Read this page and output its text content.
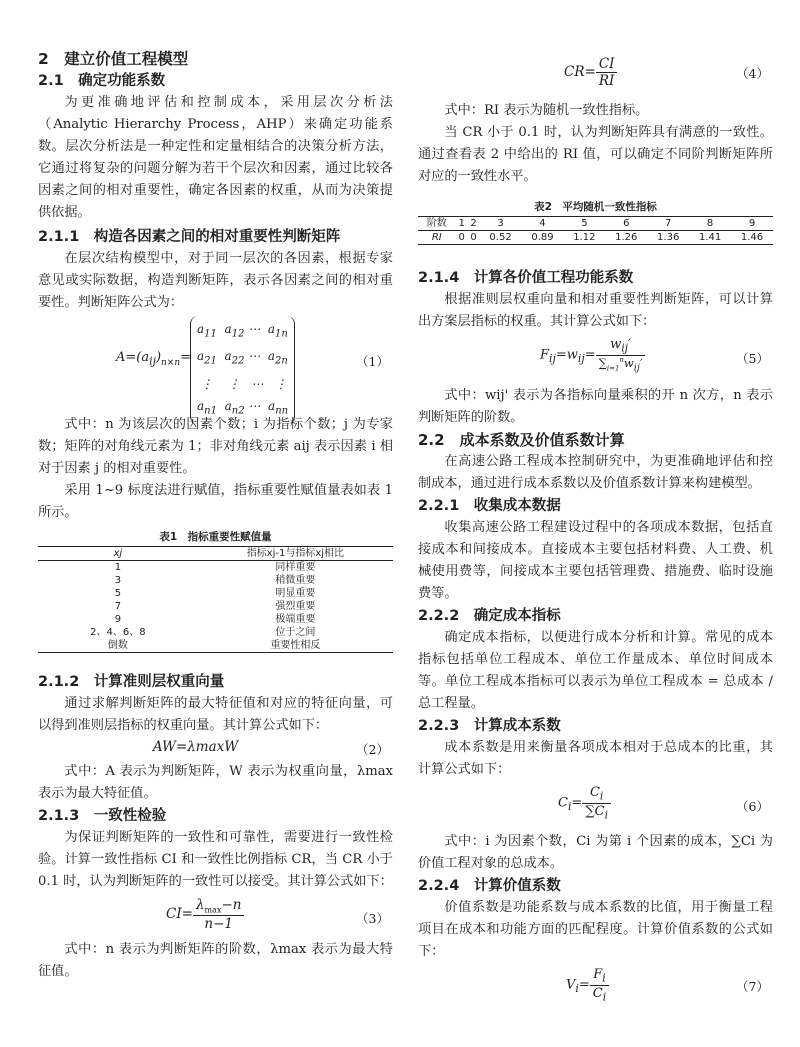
2　建立价值工程模型
2.1　确定功能系数

为更准确地评估和控制成本，采用层次分析法（Analytic Hierarchy Process，AHP）来确定功能系数。层次分析法是一种定性和定量相结合的决策分析方法，它通过将复杂的问题分解为若干个层次和因素，通过比较各因素之间的相对重要性，确定各因素的权重，从而为决策提供依据。

2.1.1　构造各因素之间的相对重要性判断矩阵

在层次结构模型中，对于同一层次的各因素，根据专家意见或实际数据，构造判断矩阵，表示各因素之间的相对重要性。判断矩阵公式为：

$A=(a_{ij})_{n\times n}=$
$a_{11}$  $a_{12}$ ⋯  $a_{1n}$
$a_{21}$  $a_{22}$ ⋯  $a_{2n}$
⋮    ⋮   ⋯   ⋮
$a_{n1}$  $a_{n2}$ ⋯  $a_{nn}$
（1）

式中：n 为该层次的因素个数；i 为指标个数；j 为专家数；矩阵的对角线元素为 1；非对角线元素 aij 表示因素 i 相对于因素 j 的相对重要性。

采用 1~9 标度法进行赋值，指标重要性赋值量表如表 1 所示。

表1　指标重要性赋值量
xj	指标xj-1与指标xj相比
1	同样重要
3	稍微重要
5	明显重要
7	强烈重要
9	极端重要
2、4、6、8	位于之间
倒数	重要性相反
2.1.2　计算准则层权重向量

通过求解判断矩阵的最大特征值和对应的特征向量，可以得到准则层指标的权重向量。其计算公式如下：

AW=λmaxW	（2）

式中：A 表示为判断矩阵，W 表示为权重向量，λmax 表示为最大特征值。

2.1.3　一致性检验

为保证判断矩阵的一致性和可靠性，需要进行一致性检验。计算一致性指标 CI 和一致性比例指标 CR，当 CR 小于 0.1 时，认为判断矩阵的一致性可以接受。其计算公式如下：

$CI= \frac{\lambda_{max}-n}{n-1}$	（3）

式中：n 表示为判断矩阵的阶数，λmax 表示为最大特征值。

$CR= \frac{CI}{RI}$	（4）

式中：RI 表示为随机一致性指标。

当 CR 小于 0.1 时，认为判断矩阵具有满意的一致性。通过查看表 2 中给出的 RI 值，可以确定不同阶判断矩阵所对应的一致性水平。

表2　平均随机一致性指标
阶数	1	2	3	4	5	6	7	8	9
RI	0	0	0.52	0.89	1.12	1.26	1.36	1.41	1.46
2.1.4　计算各价值工程功能系数

根据准则层权重向量和相对重要性判断矩阵，可以计算出方案层指标的权重。其计算公式如下：

$F_{ij}=w_{ij}= \frac{w_{ij}'}{\sum_{i=1}^nw_{ij}'}$	（5）

式中：wij' 表示为各指标向量乘积的开 n 次方，n 表示判断矩阵的阶数。

2.2　成本系数及价值系数计算

在高速公路工程成本控制研究中，为更准确地评估和控制成本，通过进行成本系数以及价值系数计算来构建模型。

2.2.1　收集成本数据

收集高速公路工程建设过程中的各项成本数据，包括直接成本和间接成本。直接成本主要包括材料费、人工费、机械使用费等，间接成本主要包括管理费、措施费、临时设施费等。

2.2.2　确定成本指标

确定成本指标，以便进行成本分析和计算。常见的成本指标包括单位工程成本、单位工作量成本、单位时间成本等。单位工程成本指标可以表示为单位工程成本 = 总成本 / 总工程量。

2.2.3　计算成本系数

成本系数是用来衡量各项成本相对于总成本的比重，其计算公式如下：

$C_i= \frac{C_i}{\sum C_i}$	（6）

式中：i 为因素个数，Ci 为第 i 个因素的成本，∑Ci 为价值工程对象的总成本。

2.2.4　计算价值系数

价值系数是功能系数与成本系数的比值，用于衡量工程项目在成本和功能方面的匹配程度。计算价值系数的公式如下：

$V_i= \frac{F_i}{C_i}$	（7）
